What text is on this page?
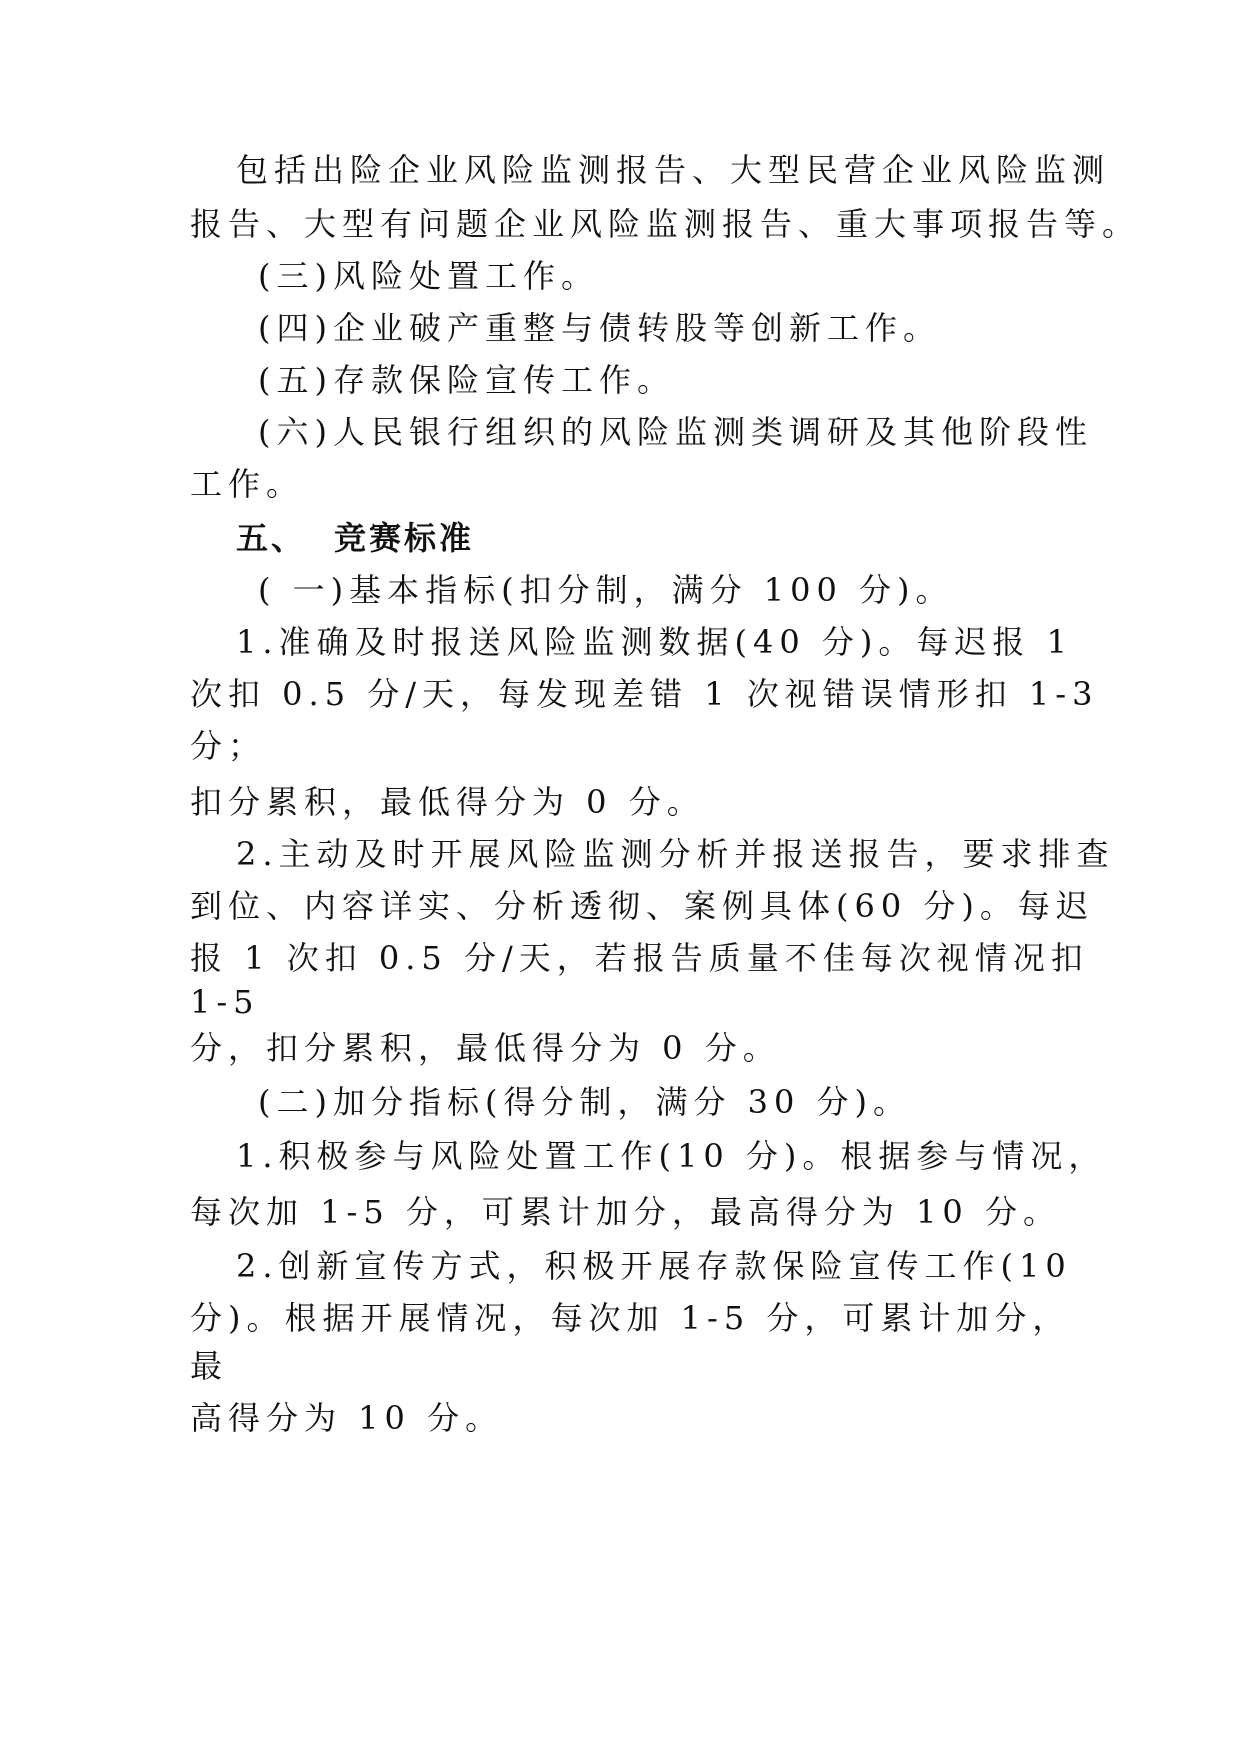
包括出险企业风险监测报告、大型民营企业风险监测
报告、大型有问题企业风险监测报告、重大事项报告等。
(三)风险处置工作。
(四)企业破产重整与债转股等创新工作。
(五)存款保险宣传工作。
(六)人民银行组织的风险监测类调研及其他阶段性
工作。
五、 竞赛标准
( 一)基本指标(扣分制，满分 100 分)。
1.准确及时报送风险监测数据(40 分)。每迟报 1
次扣 0.5 分/天，每发现差错 1 次视错误情形扣 1-3
分；
扣分累积，最低得分为 0 分。
2.主动及时开展风险监测分析并报送报告，要求排查
到位、内容详实、分析透彻、案例具体(60 分)。每迟
报 1 次扣 0.5 分/天，若报告质量不佳每次视情况扣
1-5
分，扣分累积，最低得分为 0 分。
(二)加分指标(得分制，满分 30 分)。
1.积极参与风险处置工作(10 分)。根据参与情况，
每次加 1-5 分，可累计加分，最高得分为 10 分。
2.创新宣传方式，积极开展存款保险宣传工作(10
分)。根据开展情况，每次加 1-5 分，可累计加分，
最
高得分为 10 分。
